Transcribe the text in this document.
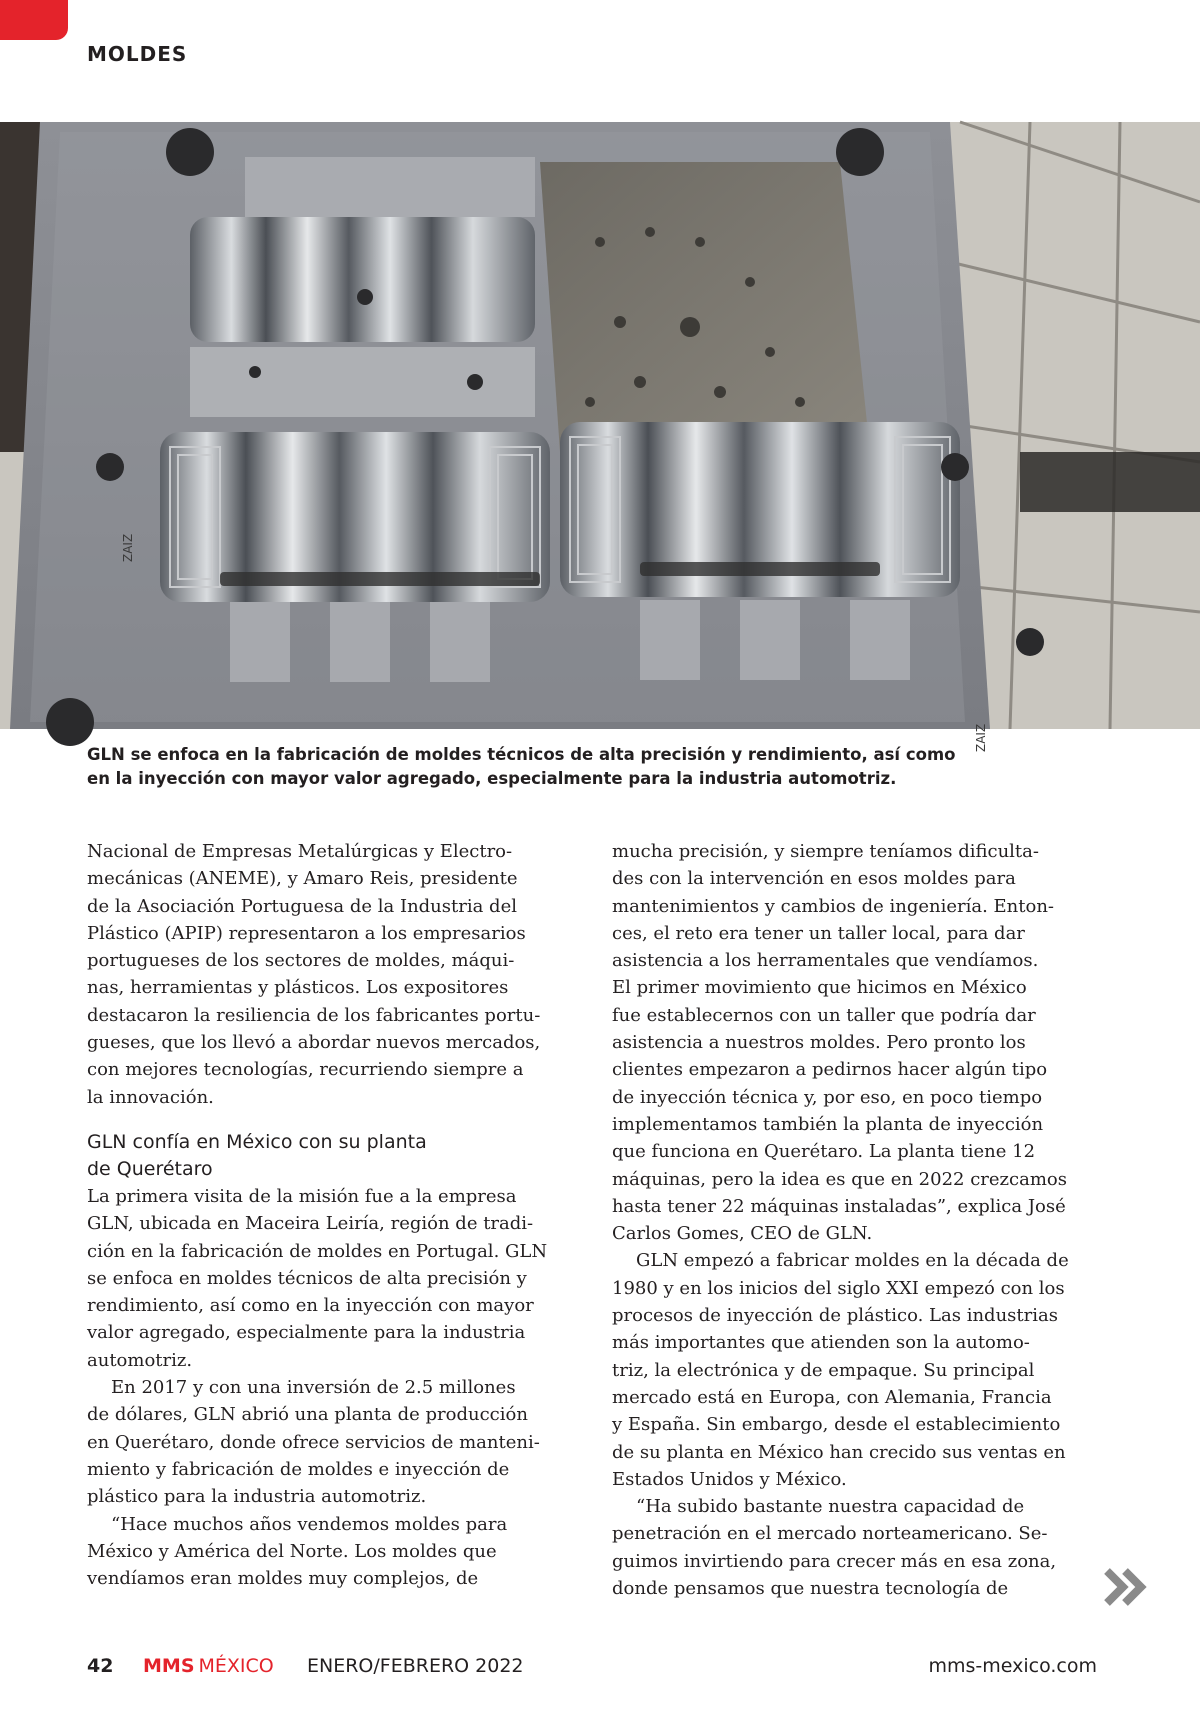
MOLDES
ZAIZ
ZAIZ
GLN se enfoca en la fabricación de moldes técnicos de alta precisión y rendimiento, así como
en la inyección con mayor valor agregado, especialmente para la industria automotriz.
Nacional de Empresas Metalúrgicas y Electro-
mecánicas (ANEME), y Amaro Reis, presidente
de la Asociación Portuguesa de la Industria del
Plástico (APIP) representaron a los empresarios
portugueses de los sectores de moldes, máqui-
nas, herramientas y plásticos. Los expositores
destacaron la resiliencia de los fabricantes portu-
gueses, que los llevó a abordar nuevos mercados,
con mejores tecnologías, recurriendo siempre a
la innovación.
GLN confía en México con su planta
de Querétaro
La primera visita de la misión fue a la empresa
GLN, ubicada en Maceira Leiría, región de tradi-
ción en la fabricación de moldes en Portugal. GLN
se enfoca en moldes técnicos de alta precisión y
rendimiento, así como en la inyección con mayor
valor agregado, especialmente para la industria
automotriz.
En 2017 y con una inversión de 2.5 millones
de dólares, GLN abrió una planta de producción
en Querétaro, donde ofrece servicios de manteni-
miento y fabricación de moldes e inyección de
plástico para la industria automotriz.
“Hace muchos años vendemos moldes para
México y América del Norte. Los moldes que
vendíamos eran moldes muy complejos, de
mucha precisión, y siempre teníamos dificulta-
des con la intervención en esos moldes para
mantenimientos y cambios de ingeniería. Enton-
ces, el reto era tener un taller local, para dar
asistencia a los herramentales que vendíamos.
El primer movimiento que hicimos en México
fue establecernos con un taller que podría dar
asistencia a nuestros moldes. Pero pronto los
clientes empezaron a pedirnos hacer algún tipo
de inyección técnica y, por eso, en poco tiempo
implementamos también la planta de inyección
que funciona en Querétaro. La planta tiene 12
máquinas, pero la idea es que en 2022 crezcamos
hasta tener 22 máquinas instaladas”, explica José
Carlos Gomes, CEO de GLN.
GLN empezó a fabricar moldes en la década de
1980 y en los inicios del siglo XXI empezó con los
procesos de inyección de plástico. Las industrias
más importantes que atienden son la automo-
triz, la electrónica y de empaque. Su principal
mercado está en Europa, con Alemania, Francia
y España. Sin embargo, desde el establecimiento
de su planta en México han crecido sus ventas en
Estados Unidos y México.
“Ha subido bastante nuestra capacidad de
penetración en el mercado norteamericano. Se-
guimos invirtiendo para crecer más en esa zona,
donde pensamos que nuestra tecnología de
42 MMS MÉXICO ENERO/FEBRERO 2022	mms-mexico.com
